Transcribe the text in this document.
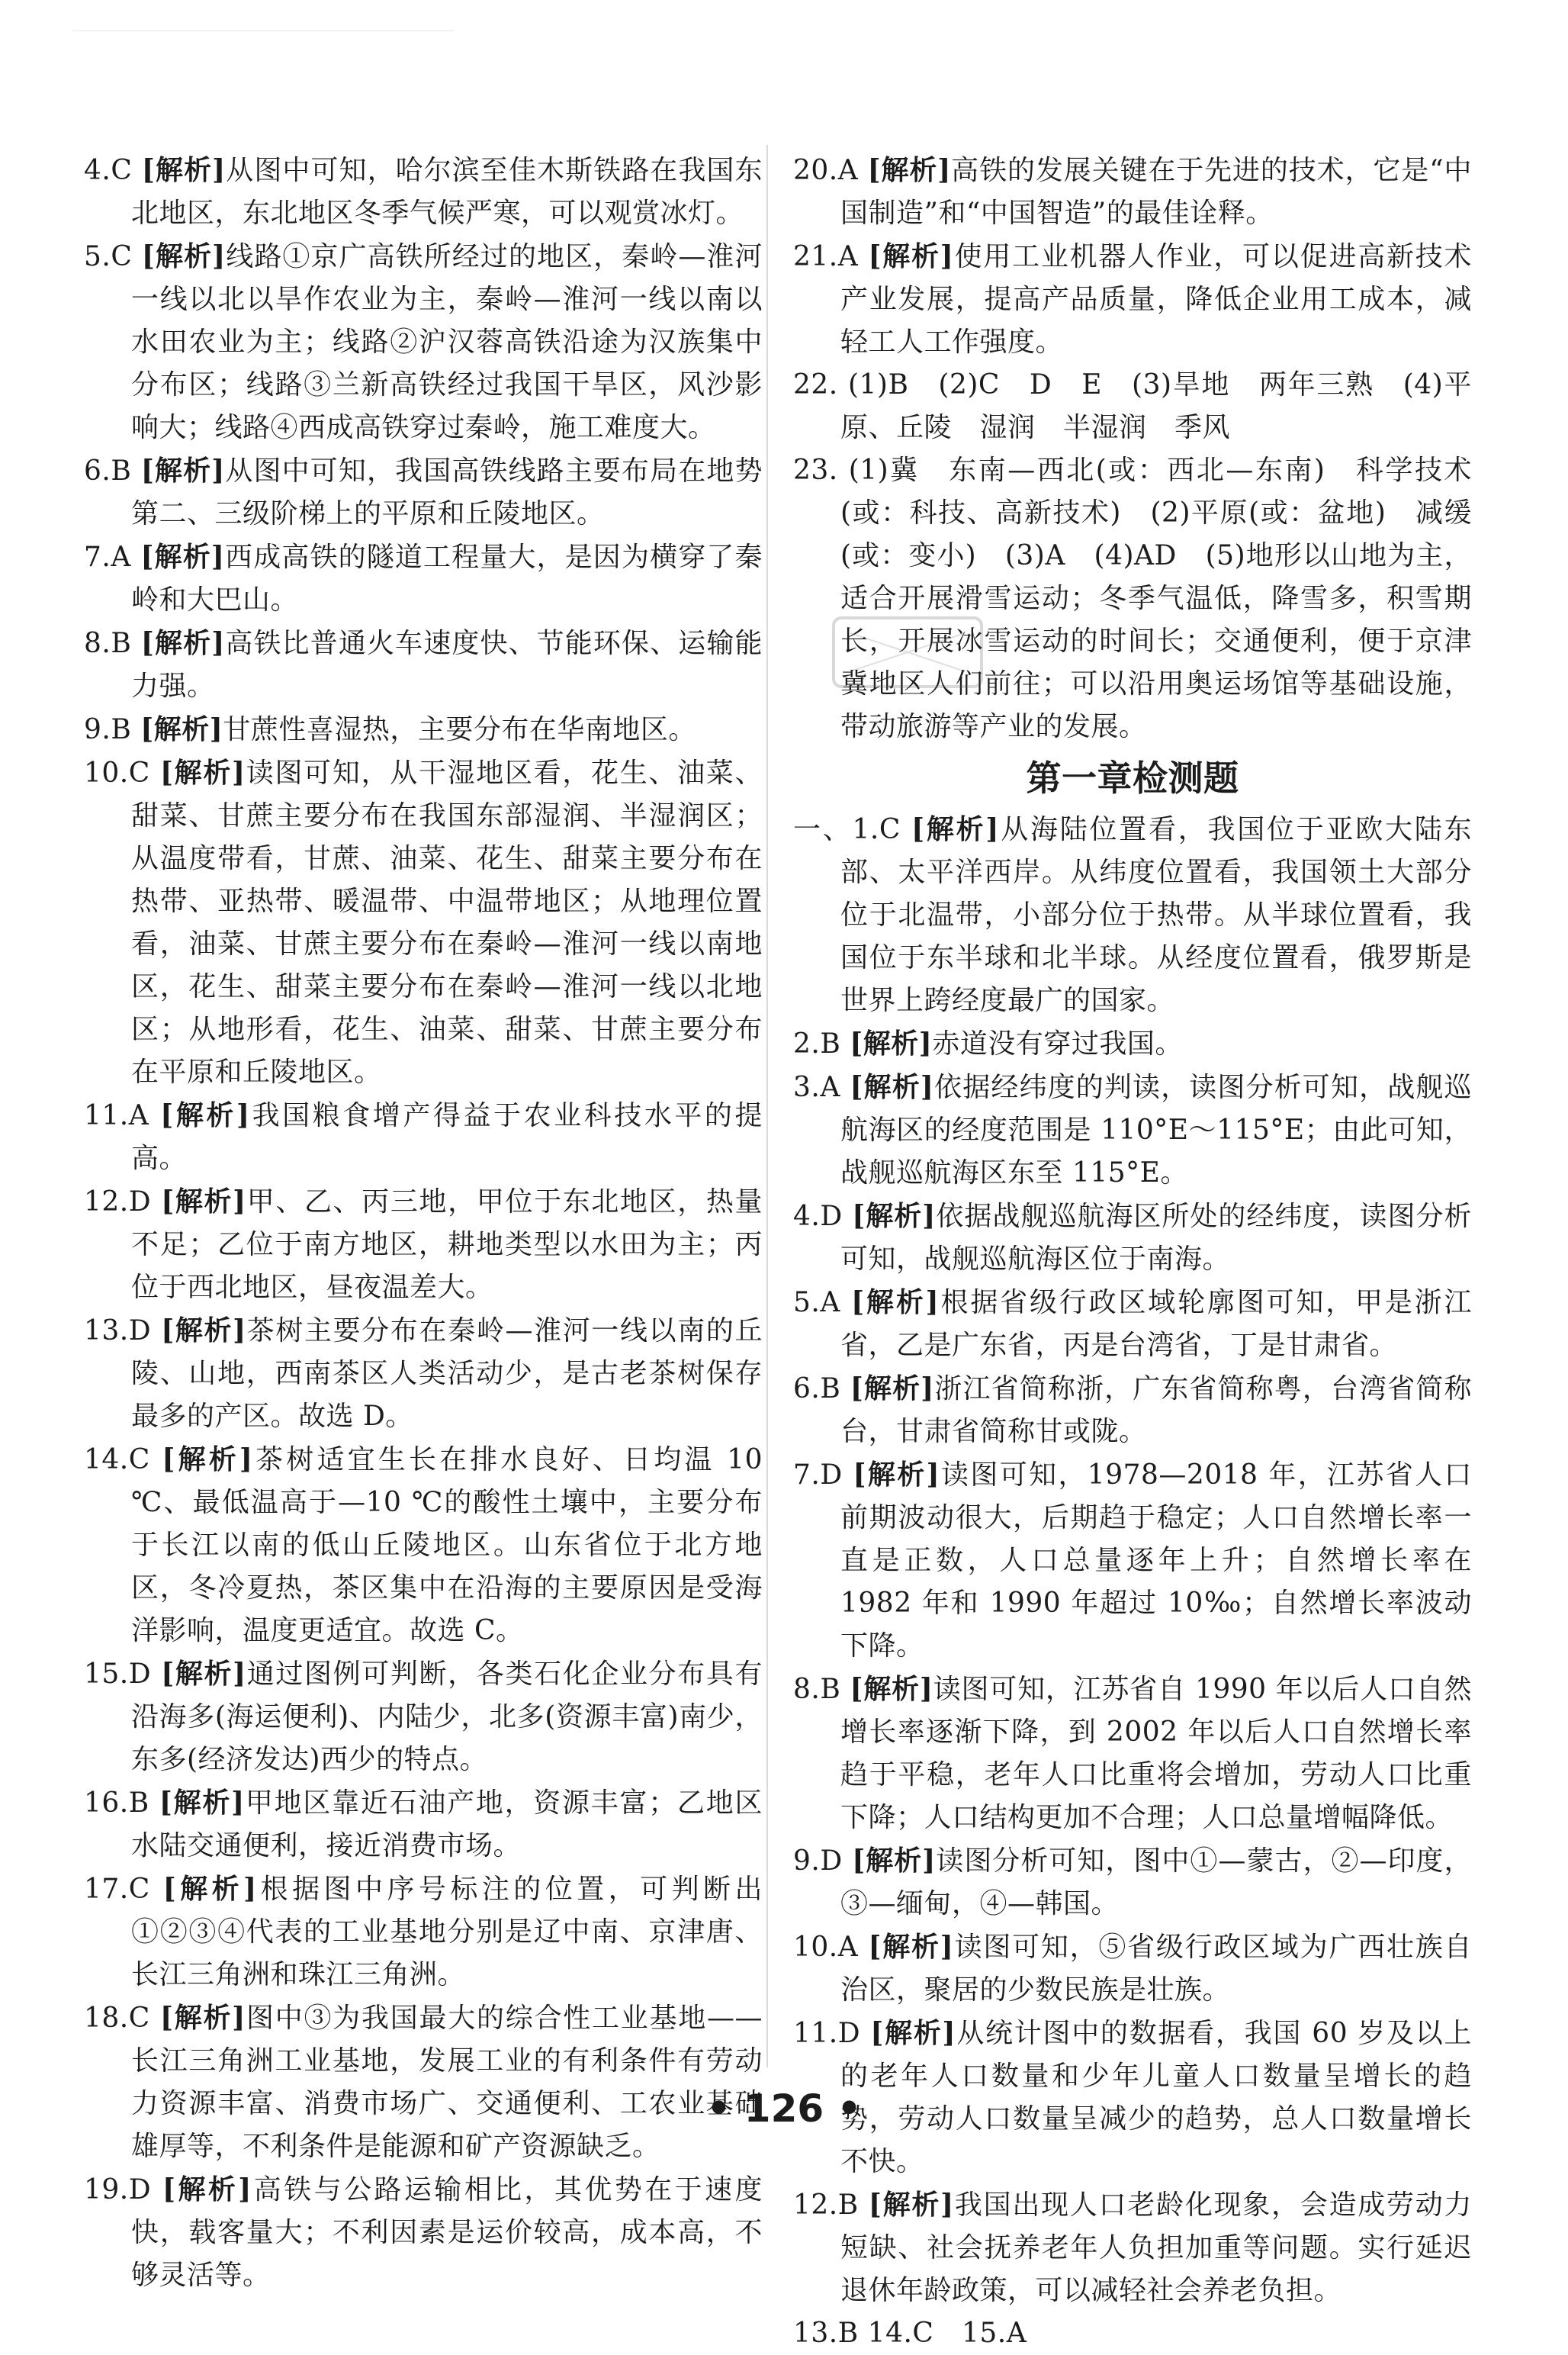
4.C [解析]从图中可知，哈尔滨至佳木斯铁路在我国东北地区，东北地区冬季气候严寒，可以观赏冰灯。

5.C [解析]线路①京广高铁所经过的地区，秦岭—淮河一线以北以旱作农业为主，秦岭—淮河一线以南以水田农业为主；线路②沪汉蓉高铁沿途为汉族集中分布区；线路③兰新高铁经过我国干旱区，风沙影响大；线路④西成高铁穿过秦岭，施工难度大。

6.B [解析]从图中可知，我国高铁线路主要布局在地势第二、三级阶梯上的平原和丘陵地区。

7.A [解析]西成高铁的隧道工程量大，是因为横穿了秦岭和大巴山。

8.B [解析]高铁比普通火车速度快、节能环保、运输能力强。

9.B [解析]甘蔗性喜湿热，主要分布在华南地区。

10.C [解析]读图可知，从干湿地区看，花生、油菜、甜菜、甘蔗主要分布在我国东部湿润、半湿润区；从温度带看，甘蔗、油菜、花生、甜菜主要分布在热带、亚热带、暖温带、中温带地区；从地理位置看，油菜、甘蔗主要分布在秦岭—淮河一线以南地区，花生、甜菜主要分布在秦岭—淮河一线以北地区；从地形看，花生、油菜、甜菜、甘蔗主要分布在平原和丘陵地区。

11.A [解析]我国粮食增产得益于农业科技水平的提高。

12.D [解析]甲、乙、丙三地，甲位于东北地区，热量不足；乙位于南方地区，耕地类型以水田为主；丙位于西北地区，昼夜温差大。

13.D [解析]茶树主要分布在秦岭—淮河一线以南的丘陵、山地，西南茶区人类活动少，是古老茶树保存最多的产区。故选 D。

14.C [解析]茶树适宜生长在排水良好、日均温 10 ℃、最低温高于—10 ℃的酸性土壤中，主要分布于长江以南的低山丘陵地区。山东省位于北方地区，冬冷夏热，茶区集中在沿海的主要原因是受海洋影响，温度更适宜。故选 C。

15.D [解析]通过图例可判断，各类石化企业分布具有沿海多(海运便利)、内陆少，北多(资源丰富)南少，东多(经济发达)西少的特点。

16.B [解析]甲地区靠近石油产地，资源丰富；乙地区水陆交通便利，接近消费市场。

17.C [解析]根据图中序号标注的位置，可判断出①②③④代表的工业基地分别是辽中南、京津唐、长江三角洲和珠江三角洲。

18.C [解析]图中③为我国最大的综合性工业基地——长江三角洲工业基地，发展工业的有利条件有劳动力资源丰富、消费市场广、交通便利、工农业基础雄厚等，不利条件是能源和矿产资源缺乏。

19.D [解析]高铁与公路运输相比，其优势在于速度快，载客量大；不利因素是运价较高，成本高，不够灵活等。

20.A [解析]高铁的发展关键在于先进的技术，它是“中国制造”和“中国智造”的最佳诠释。

21.A [解析]使用工业机器人作业，可以促进高新技术产业发展，提高产品质量，降低企业用工成本，减轻工人工作强度。

22. (1)B　(2)C　D　E　(3)旱地　两年三熟　(4)平原、丘陵　湿润　半湿润　季风

23. (1)冀　东南—西北(或：西北—东南)　科学技术(或：科技、高新技术)　(2)平原(或：盆地)　减缓(或：变小)　(3)A　(4)AD　(5)地形以山地为主，适合开展滑雪运动；冬季气温低，降雪多，积雪期长，开展冰雪运动的时间长；交通便利，便于京津冀地区人们前往；可以沿用奥运场馆等基础设施，带动旅游等产业的发展。

第一章检测题

一、1.C [解析]从海陆位置看，我国位于亚欧大陆东部、太平洋西岸。从纬度位置看，我国领土大部分位于北温带，小部分位于热带。从半球位置看，我国位于东半球和北半球。从经度位置看，俄罗斯是世界上跨经度最广的国家。

2.B [解析]赤道没有穿过我国。

3.A [解析]依据经纬度的判读，读图分析可知，战舰巡航海区的经度范围是 110°E～115°E；由此可知，战舰巡航海区东至 115°E。

4.D [解析]依据战舰巡航海区所处的经纬度，读图分析可知，战舰巡航海区位于南海。

5.A [解析]根据省级行政区域轮廓图可知，甲是浙江省，乙是广东省，丙是台湾省，丁是甘肃省。

6.B [解析]浙江省简称浙，广东省简称粤，台湾省简称台，甘肃省简称甘或陇。

7.D [解析]读图可知，1978—2018 年，江苏省人口前期波动很大，后期趋于稳定；人口自然增长率一直是正数，人口总量逐年上升；自然增长率在 1982 年和 1990 年超过 10‰；自然增长率波动下降。

8.B [解析]读图可知，江苏省自 1990 年以后人口自然增长率逐渐下降，到 2002 年以后人口自然增长率趋于平稳，老年人口比重将会增加，劳动人口比重下降；人口结构更加不合理；人口总量增幅降低。

9.D [解析]读图分析可知，图中①—蒙古，②—印度，③—缅甸，④—韩国。

10.A [解析]读图可知，⑤省级行政区域为广西壮族自治区，聚居的少数民族是壮族。

11.D [解析]从统计图中的数据看，我国 60 岁及以上的老年人口数量和少年儿童人口数量呈增长的趋势，劳动人口数量呈减少的趋势，总人口数量增长不快。

12.B [解析]我国出现人口老龄化现象，会造成劳动力短缺、社会抚养老年人负担加重等问题。实行延迟退休年龄政策，可以减轻社会养老负担。

13.B 14.C　15.A

• 126 •
